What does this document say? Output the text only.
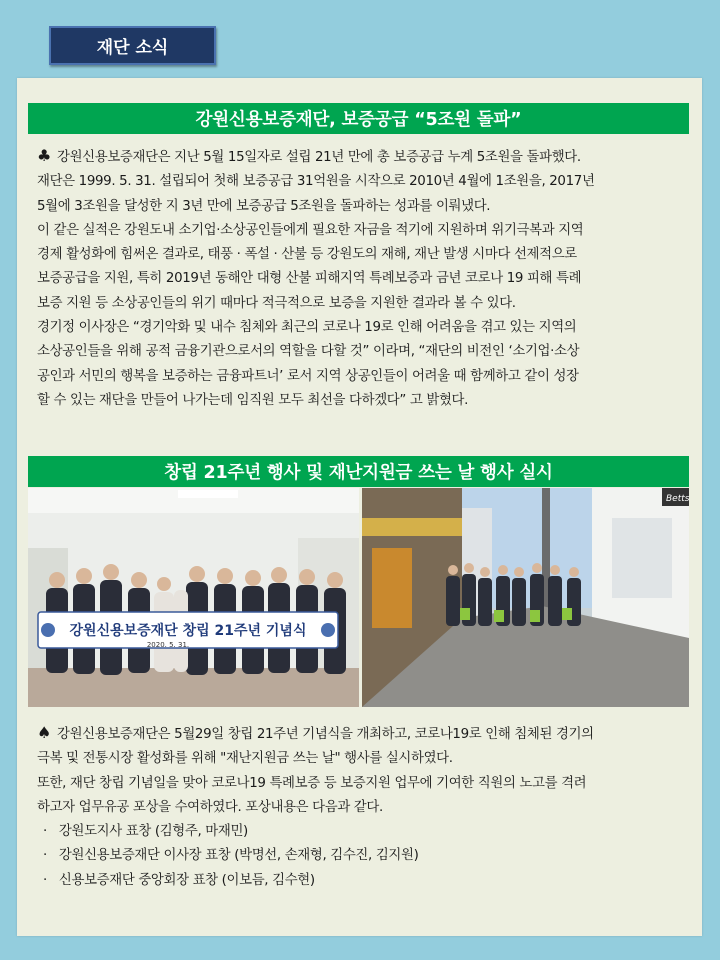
재단 소식
강원신용보증재단, 보증공급 “5조원 돌파”

♣ 강원신용보증재단은 지난 5월 15일자로 설립 21년 만에 총 보증공급 누계 5조원을 돌파했다.

재단은 1999. 5. 31. 설립되어 첫해 보증공급 31억원을 시작으로 2010년 4월에 1조원을, 2017년

5월에 3조원을 달성한 지 3년 만에 보증공급 5조원을 돌파하는 성과를 이뤄냈다.

이 같은 실적은 강원도내 소기업·소상공인들에게 필요한 자금을 적기에 지원하며 위기극복과 지역

경제 활성화에 힘써온 결과로, 태풍 · 폭설 · 산불 등 강원도의 재해, 재난 발생 시마다 선제적으로

보증공급을 지원, 특히 2019년 동해안 대형 산불 피해지역 특례보증과 금년 코로나 19 피해 특례

보증 지원 등 소상공인들의 위기 때마다 적극적으로 보증을 지원한 결과라 볼 수 있다.

경기정 이사장은 “경기악화 및 내수 침체와 최근의 코로나 19로 인해 어려움을 겪고 있는 지역의

소상공인들을 위해 공적 금융기관으로서의 역할을 다할 것” 이라며, “재단의 비전인 ‘소기업·소상

공인과 서민의 행복을 보증하는 금융파트너’ 로서 지역 상공인들이 어려울 때 함께하고 같이 성장

할 수 있는 재단을 만들어 나가는데 임직원 모두 최선을 다하겠다” 고 밝혔다.

창립 21주년 행사 및 재난지원금 쓰는 날 행사 실시
강원신용보증재단 창립 21주년 기념식
2020. 5. 31.
Betts

♠ 강원신용보증재단은 5월29일 창립 21주년 기념식을 개최하고, 코로나19로 인해 침체된 경기의

극복 및 전통시장 활성화를 위해 "재난지원금 쓰는 날" 행사를 실시하였다.

또한, 재단 창립 기념일을 맞아 코로나19 특례보증 등 보증지원 업무에 기여한 직원의 노고를 격려

하고자 업무유공 포상을 수여하였다. 포상내용은 다음과 같다.

· 강원도지사 표창 (김형주, 마재민)
· 강원신용보증재단 이사장 표창 (박명선, 손재형, 김수진, 김지원)
· 신용보증재단 중앙회장 표창 (이보듬, 김수현)
